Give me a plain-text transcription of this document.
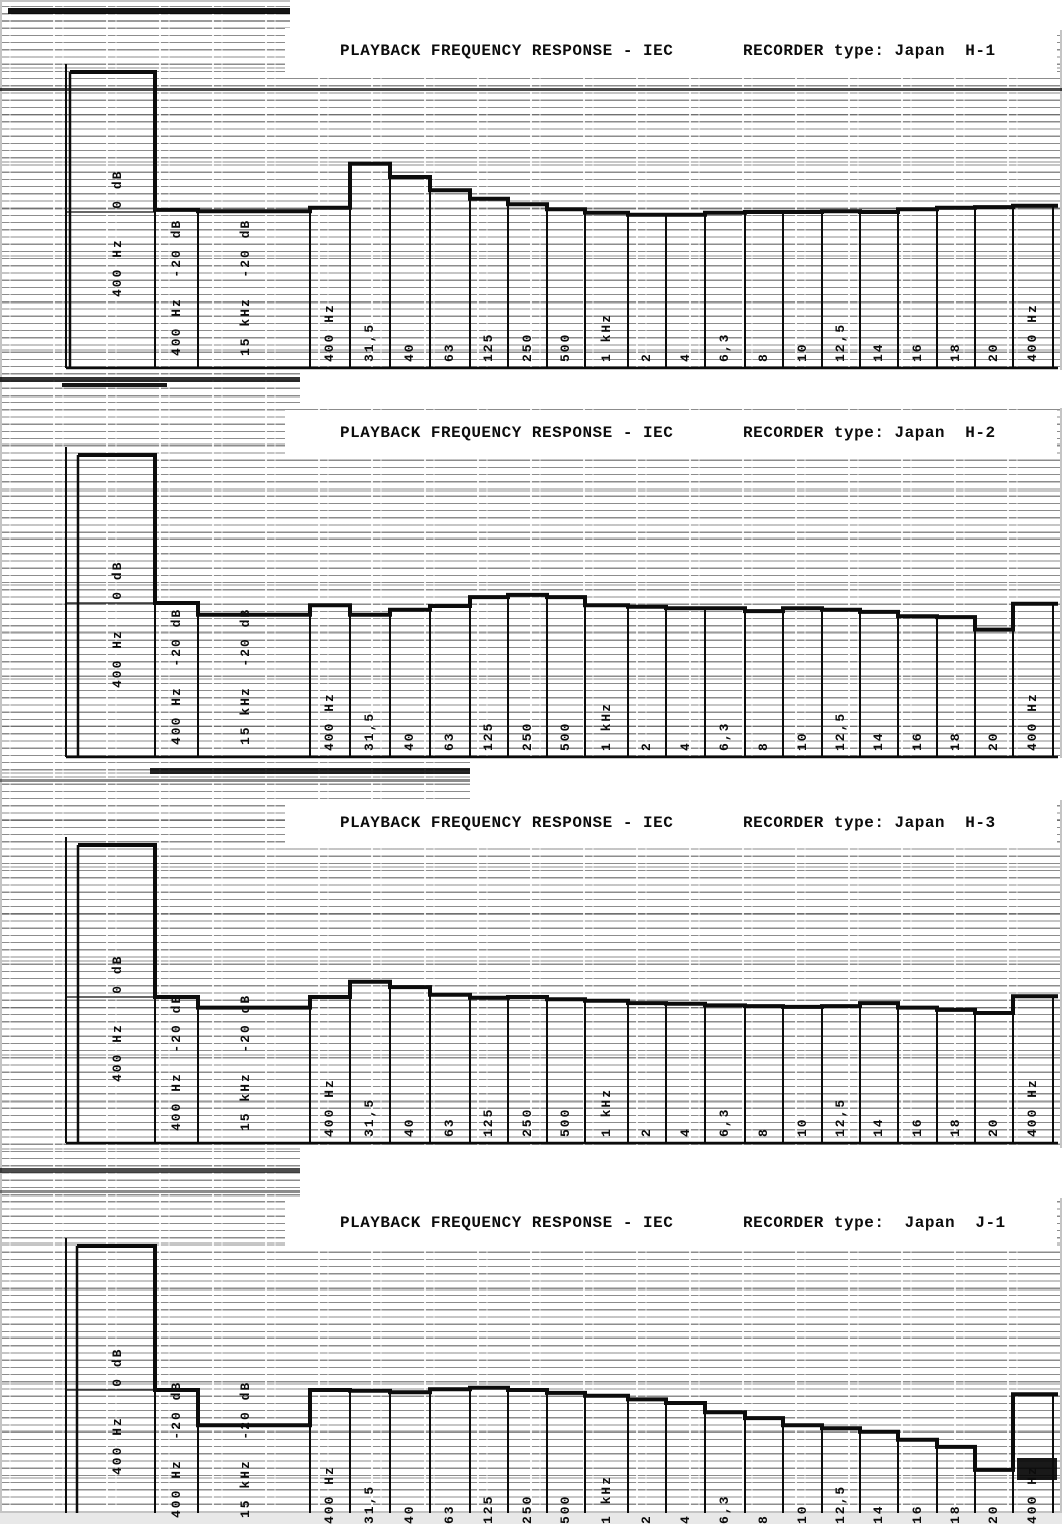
PLAYBACK FREQUENCY RESPONSE - IEC	RECORDER type: Japan  H-1
PLAYBACK FREQUENCY RESPONSE - IEC	RECORDER type: Japan  H-2
PLAYBACK FREQUENCY RESPONSE - IEC	RECORDER type: Japan  H-3
PLAYBACK FREQUENCY RESPONSE - IEC	RECORDER type:  Japan  J-1
400 Hz   0 dB	400 Hz  -20 dB	15 kHz  -20 dB	400 Hz 31,5 40 63 125 250 500 1 kHz 2 4 6,3 8 10 12,5 14 16 18 20 400 Hz
400 Hz   0 dB	400 Hz  -20 dB	15 kHz  -20 dB	400 Hz 31,5 40 63 125 250 500 1 kHz 2 4 6,3 8 10 12,5 14 16 18 20 400 Hz
400 Hz   0 dB	400 Hz  -20 dB	15 kHz  -20 dB	400 Hz 31,5 40 63 125 250 500 1 kHz 2 4 6,3 8 10 12,5 14 16 18 20 400 Hz
400 Hz   0 dB	400 Hz  -20 dB	15 kHz  -20 dB	400 Hz 31,5 40 63 125 250 500 1 kHz 2 4 6,3 8 10 12,5 14 16 18 20 400 Hz
